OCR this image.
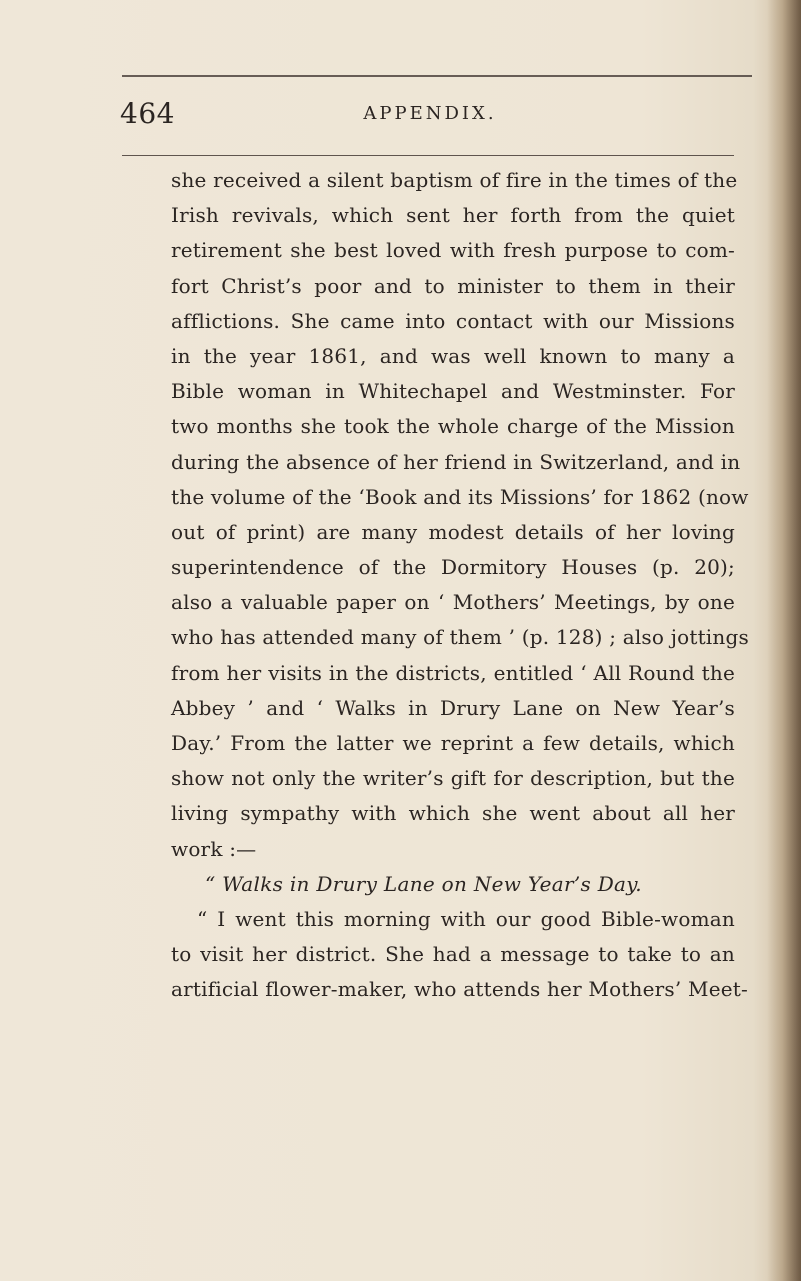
464	APPENDIX.
she received a silent baptism of fire in the times of the
Irish revivals, which sent her forth from the quiet
retirement she best loved with fresh purpose to com-
fort Christ’s poor and to minister to them in their
afflictions. She came into contact with our Missions
in the year 1861, and was well known to many a
Bible woman in Whitechapel and Westminster. For
two months she took the whole charge of the Mission
during the absence of her friend in Switzerland, and in
the volume of the ‘Book and its Missions’ for 1862 (now
out of print) are many modest details of her loving
superintendence of the Dormitory Houses (p. 20);
also a valuable paper on ‘ Mothers’ Meetings, by one
who has attended many of them ’ (p. 128) ; also jottings
from her visits in the districts, entitled ‘ All Round the
Abbey ’ and ‘ Walks in Drury Lane on New Year’s
Day.’ From the latter we reprint a few details, which
show not only the writer’s gift for description, but the
living sympathy with which she went about all her
work :—
“ Walks in Drury Lane on New Year’s Day.
“ I went this morning with our good Bible-woman
to visit her district. She had a message to take to an
artificial flower-maker, who attends her Mothers’ Meet-
